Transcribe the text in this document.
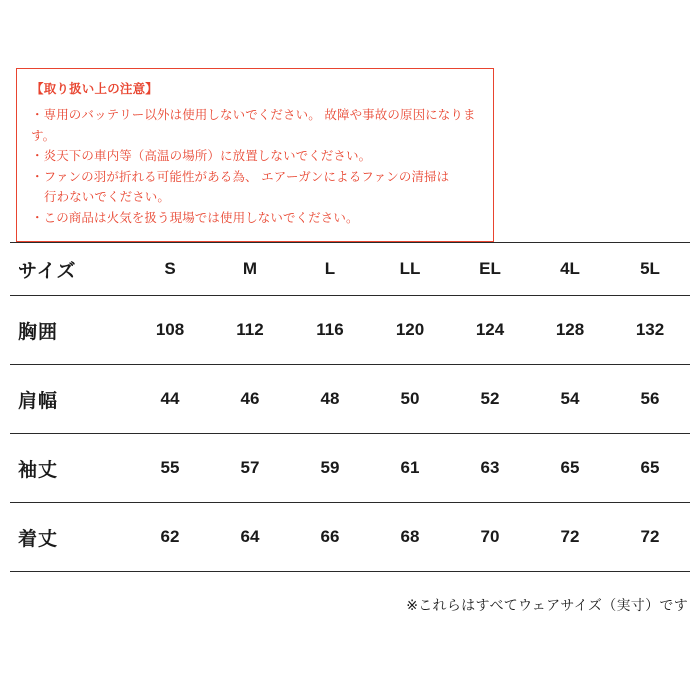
【取り扱い上の注意】
・専用のバッテリー以外は使用しないでください。 故障や事故の原因になります。
・炎天下の車内等（高温の場所）に放置しないでください。
・ファンの羽が折れる可能性がある為、 エアーガンによるファンの清掃は
行わないでください。
・この商品は火気を扱う現場では使用しないでください。
サイズ	S	M	L	LL	EL	4L	5L
胸囲	108	112	116	120	124	128	132
肩幅	44	46	48	50	52	54	56
袖丈	55	57	59	61	63	65	65
着丈	62	64	66	68	70	72	72
※これらはすべてウェアサイズ（実寸）です
